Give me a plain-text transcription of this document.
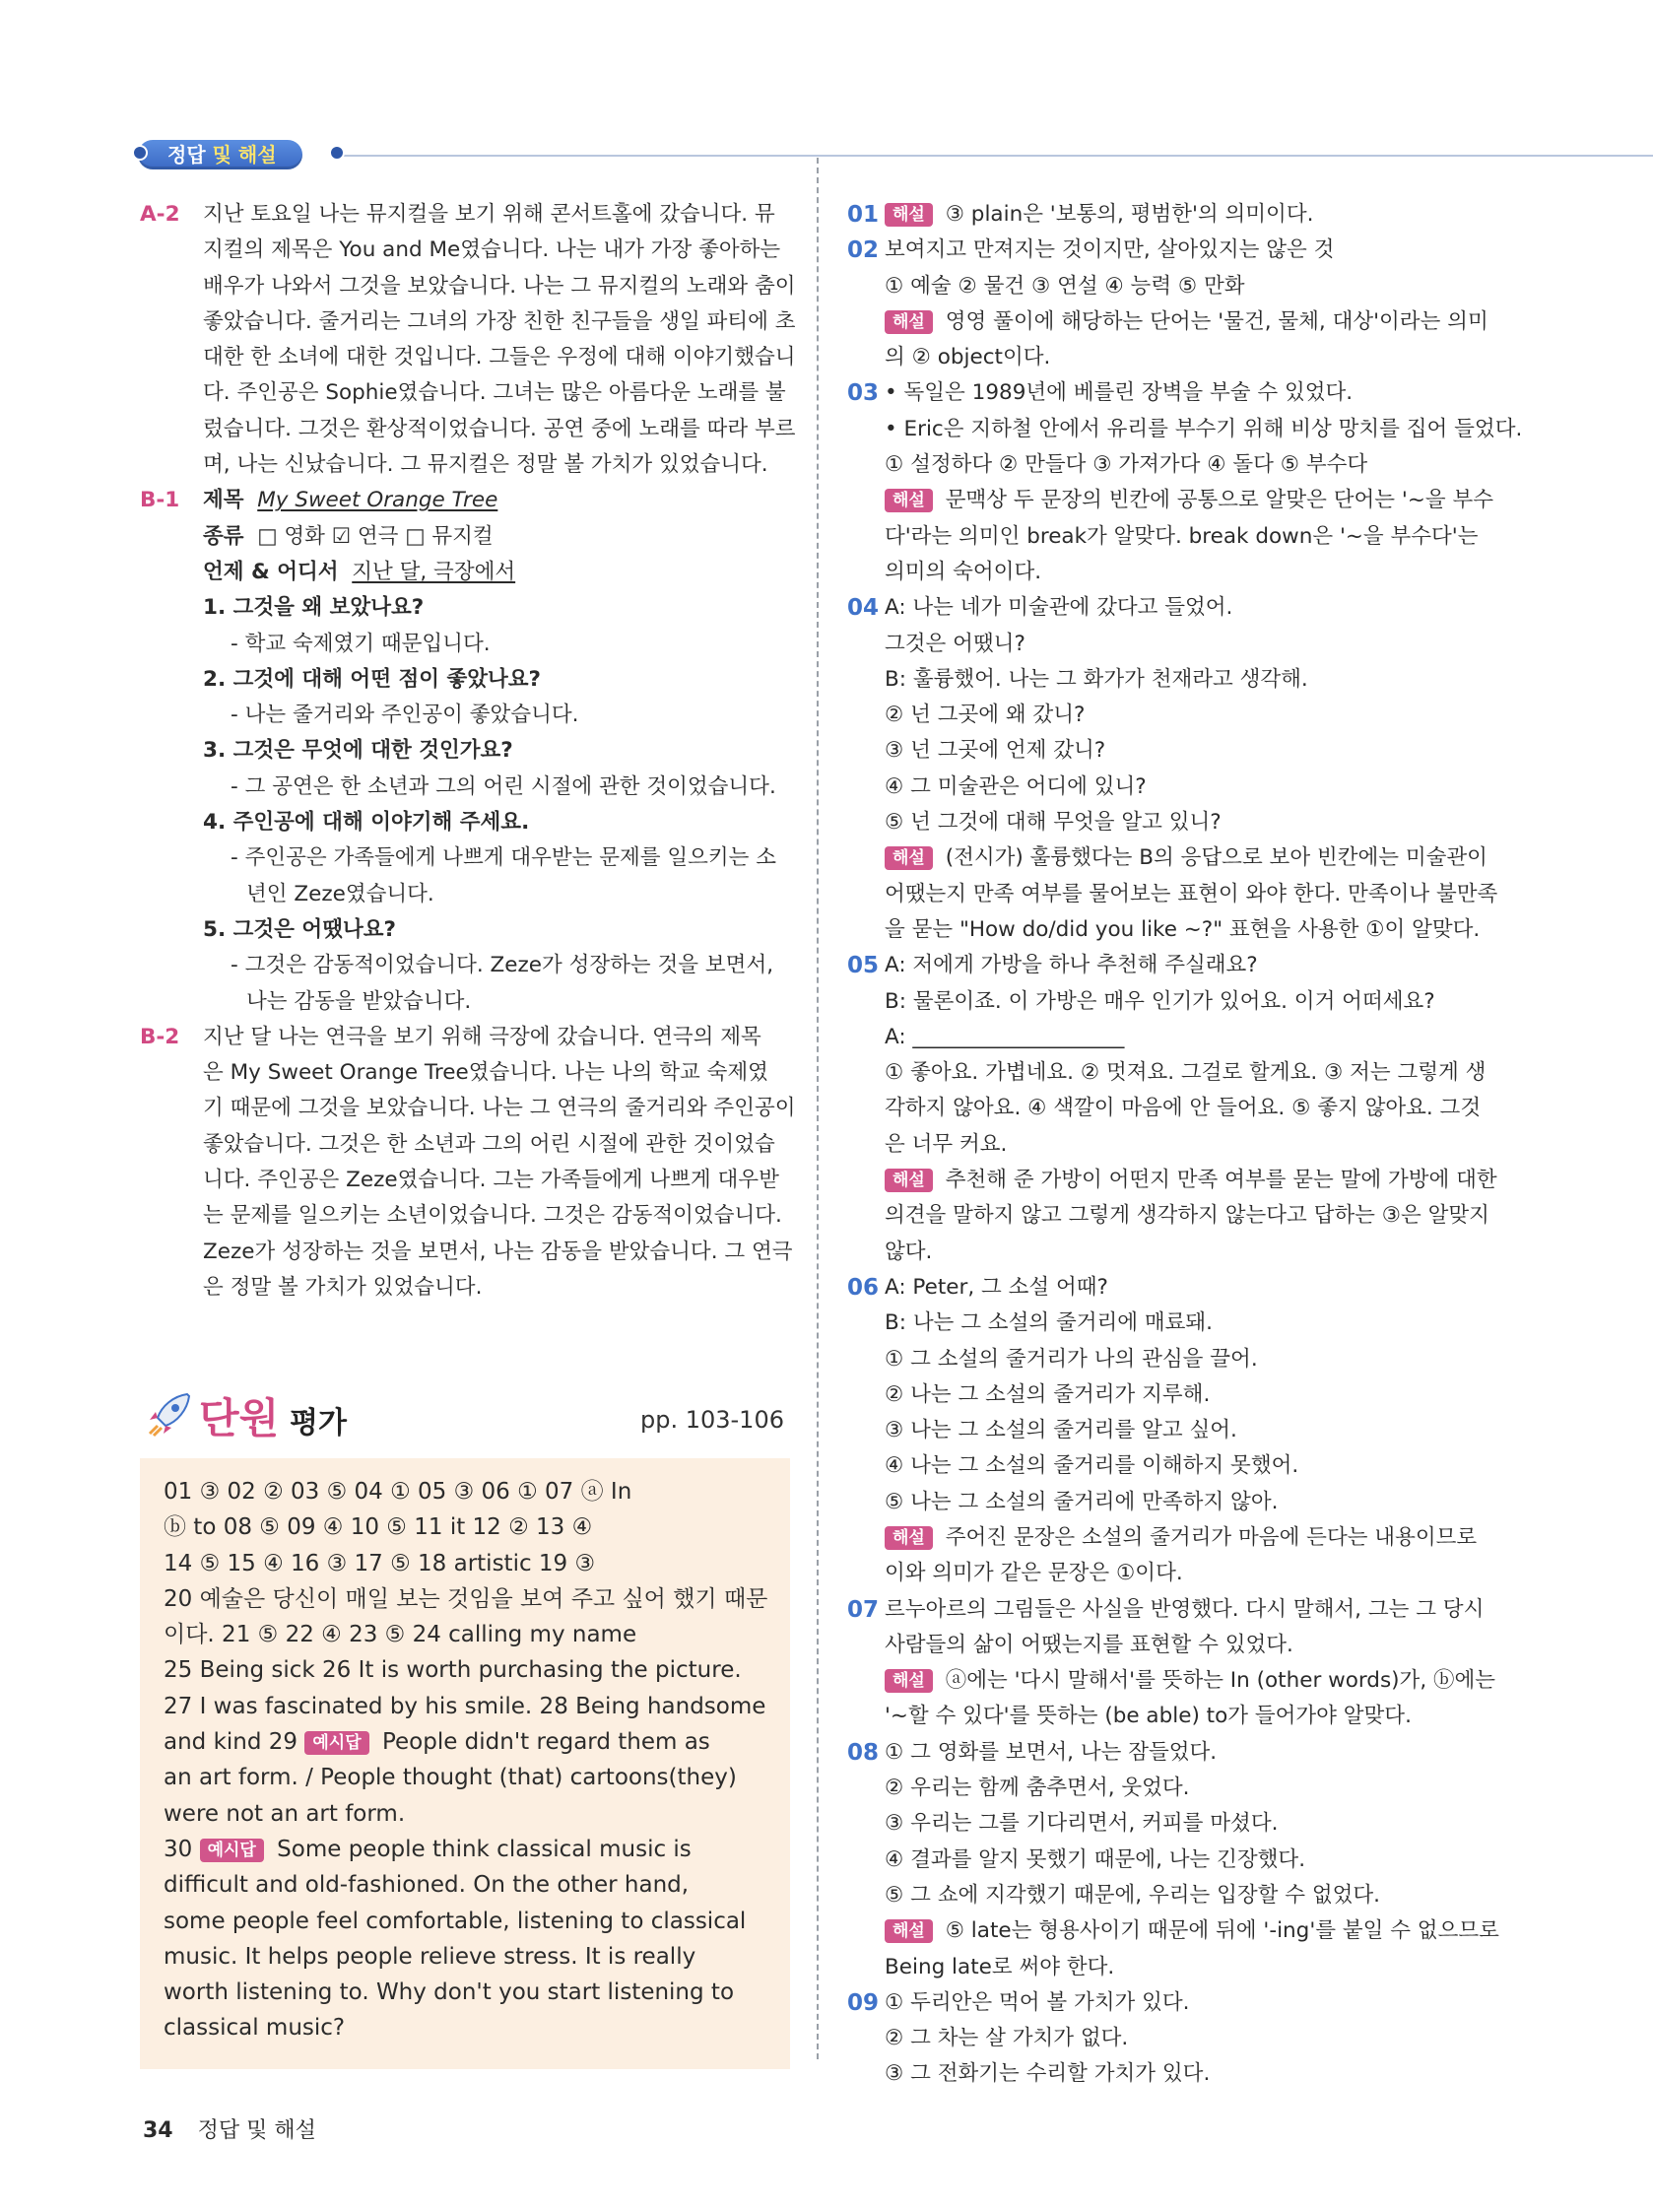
정답 및 해설
A-2 지난 토요일 나는 뮤지컬을 보기 위해 콘서트홀에 갔습니다. 뮤
지컬의 제목은 You and Me였습니다. 나는 내가 가장 좋아하는
배우가 나와서 그것을 보았습니다. 나는 그 뮤지컬의 노래와 춤이
좋았습니다. 줄거리는 그녀의 가장 친한 친구들을 생일 파티에 초
대한 한 소녀에 대한 것입니다. 그들은 우정에 대해 이야기했습니
다. 주인공은 Sophie였습니다. 그녀는 많은 아름다운 노래를 불
렀습니다. 그것은 환상적이었습니다. 공연 중에 노래를 따라 부르
며, 나는 신났습니다. 그 뮤지컬은 정말 볼 가치가 있었습니다.
B-1 제목 My Sweet Orange Tree
종류 □ 영화 ☑ 연극 □ 뮤지컬
언제 & 어디서 지난 달, 극장에서
1. 그것을 왜 보았나요?
- 학교 숙제였기 때문입니다.
2. 그것에 대해 어떤 점이 좋았나요?
- 나는 줄거리와 주인공이 좋았습니다.
3. 그것은 무엇에 대한 것인가요?
- 그 공연은 한 소년과 그의 어린 시절에 관한 것이었습니다.
4. 주인공에 대해 이야기해 주세요.
- 주인공은 가족들에게 나쁘게 대우받는 문제를 일으키는 소
년인 Zeze였습니다.
5. 그것은 어땠나요?
- 그것은 감동적이었습니다. Zeze가 성장하는 것을 보면서,
나는 감동을 받았습니다.
B-2 지난 달 나는 연극을 보기 위해 극장에 갔습니다. 연극의 제목
은 My Sweet Orange Tree였습니다. 나는 나의 학교 숙제였
기 때문에 그것을 보았습니다. 나는 그 연극의 줄거리와 주인공이
좋았습니다. 그것은 한 소년과 그의 어린 시절에 관한 것이었습
니다. 주인공은 Zeze였습니다. 그는 가족들에게 나쁘게 대우받
는 문제를 일으키는 소년이었습니다. 그것은 감동적이었습니다.
Zeze가 성장하는 것을 보면서, 나는 감동을 받았습니다. 그 연극
은 정말 볼 가치가 있었습니다.
단원 평가	pp. 103-106
01 ③ 02 ② 03 ⑤ 04 ① 05 ③ 06 ① 07 ⓐ In
ⓑ to 08 ⑤ 09 ④ 10 ⑤ 11 it 12 ② 13 ④
14 ⑤ 15 ④ 16 ③ 17 ⑤ 18 artistic 19 ③
20 예술은 당신이 매일 보는 것임을 보여 주고 싶어 했기 때문
이다. 21 ⑤ 22 ④ 23 ⑤ 24 calling my name
25 Being sick 26 It is worth purchasing the picture.
27 I was fascinated by his smile. 28 Being handsome
and kind 29 예시답 People didn't regard them as
an art form. / People thought (that) cartoons(they)
were not an art form.
30 예시답 Some people think classical music is
difficult and old-fashioned. On the other hand,
some people feel comfortable, listening to classical
music. It helps people relieve stress. It is really
worth listening to. Why don't you start listening to
classical music?
01 해설 ③ plain은 '보통의, 평범한'의 의미이다.
02 보여지고 만져지는 것이지만, 살아있지는 않은 것
① 예술 ② 물건 ③ 연설 ④ 능력 ⑤ 만화
해설 영영 풀이에 해당하는 단어는 '물건, 물체, 대상'이라는 의미
의 ② object이다.
03 • 독일은 1989년에 베를린 장벽을 부술 수 있었다.
• Eric은 지하철 안에서 유리를 부수기 위해 비상 망치를 집어 들었다.
① 설정하다 ② 만들다 ③ 가져가다 ④ 돌다 ⑤ 부수다
해설 문맥상 두 문장의 빈칸에 공통으로 알맞은 단어는 '~을 부수
다'라는 의미인 break가 알맞다. break down은 '~을 부수다'는
의미의 숙어이다.
04 A: 나는 네가 미술관에 갔다고 들었어.
그것은 어땠니?
B: 훌륭했어. 나는 그 화가가 천재라고 생각해.
② 넌 그곳에 왜 갔니?
③ 넌 그곳에 언제 갔니?
④ 그 미술관은 어디에 있니?
⑤ 넌 그것에 대해 무엇을 알고 있니?
해설 (전시가) 훌륭했다는 B의 응답으로 보아 빈칸에는 미술관이
어땠는지 만족 여부를 물어보는 표현이 와야 한다. 만족이나 불만족
을 묻는 "How do/did you like ~?" 표현을 사용한 ①이 알맞다.
05 A: 저에게 가방을 하나 추천해 주실래요?
B: 물론이죠. 이 가방은 매우 인기가 있어요. 이거 어떠세요?
A: ____________________
① 좋아요. 가볍네요. ② 멋져요. 그걸로 할게요. ③ 저는 그렇게 생
각하지 않아요. ④ 색깔이 마음에 안 들어요. ⑤ 좋지 않아요. 그것
은 너무 커요.
해설 추천해 준 가방이 어떤지 만족 여부를 묻는 말에 가방에 대한
의견을 말하지 않고 그렇게 생각하지 않는다고 답하는 ③은 알맞지
않다.
06 A: Peter, 그 소설 어때?
B: 나는 그 소설의 줄거리에 매료돼.
① 그 소설의 줄거리가 나의 관심을 끌어.
② 나는 그 소설의 줄거리가 지루해.
③ 나는 그 소설의 줄거리를 알고 싶어.
④ 나는 그 소설의 줄거리를 이해하지 못했어.
⑤ 나는 그 소설의 줄거리에 만족하지 않아.
해설 주어진 문장은 소설의 줄거리가 마음에 든다는 내용이므로
이와 의미가 같은 문장은 ①이다.
07 르누아르의 그림들은 사실을 반영했다. 다시 말해서, 그는 그 당시
사람들의 삶이 어땠는지를 표현할 수 있었다.
해설 ⓐ에는 '다시 말해서'를 뜻하는 In (other words)가, ⓑ에는
'~할 수 있다'를 뜻하는 (be able) to가 들어가야 알맞다.
08 ① 그 영화를 보면서, 나는 잠들었다.
② 우리는 함께 춤추면서, 웃었다.
③ 우리는 그를 기다리면서, 커피를 마셨다.
④ 결과를 알지 못했기 때문에, 나는 긴장했다.
⑤ 그 쇼에 지각했기 때문에, 우리는 입장할 수 없었다.
해설 ⑤ late는 형용사이기 때문에 뒤에 '-ing'를 붙일 수 없으므로
Being late로 써야 한다.
09 ① 두리안은 먹어 볼 가치가 있다.
② 그 차는 살 가치가 없다.
③ 그 전화기는 수리할 가치가 있다.
34 정답 및 해설
